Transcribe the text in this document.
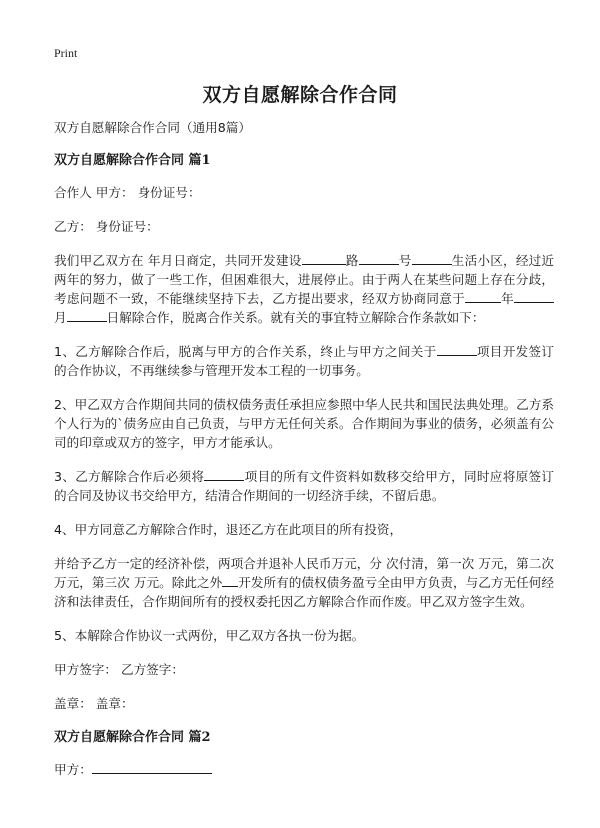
Print
双方自愿解除合作合同

双方自愿解除合作合同（通用8篇）

双方自愿解除合作合同 篇1

合作人 甲方： 身份证号：

乙方： 身份证号：

我们甲乙双方在 年月日商定，共同开发建设	路	号	生活小区，经过近两年的努力，做了一些工作，但困难很大，进展停止。由于两人在某些问题上存在分歧，考虑问题不一致，不能继续坚持下去，乙方提出要求，经双方协商同意于	年月	日解除合作，脱离合作关系。就有关的事宜特立解除合作条款如下：

1、乙方解除合作后，脱离与甲方的合作关系，终止与甲方之间关于	项目开发签订的合作协议，不再继续参与管理开发本工程的一切事务。

2、甲乙双方合作期间共同的债权债务责任承担应参照中华人民共和国民法典处理。乙方系个人行为的`债务应由自己负责，与甲方无任何关系。合作期间为事业的债务，必须盖有公司的印章或双方的签字，甲方才能承认。

3、乙方解除合作后必须将	项目的所有文件资料如数移交给甲方，同时应将原签订的合同及协议书交给甲方，结清合作期间的一切经济手续，不留后患。

4、甲方同意乙方解除合作时，退还乙方在此项目的所有投资，

并给予乙方一定的经济补偿，两项合并退补人民币万元，分 次付清，第一次 万元，第二次 万元，第三次 万元。除此之外 开发所有的债权债务盈亏全由甲方负责，与乙方无任何经济和法律责任，合作期间所有的授权委托因乙方解除合作而作废。甲乙双方签字生效。

5、本解除合作协议一式两份，甲乙双方各执一份为据。

甲方签字： 乙方签字：

盖章： 盖章：

双方自愿解除合作合同 篇2

甲方：
